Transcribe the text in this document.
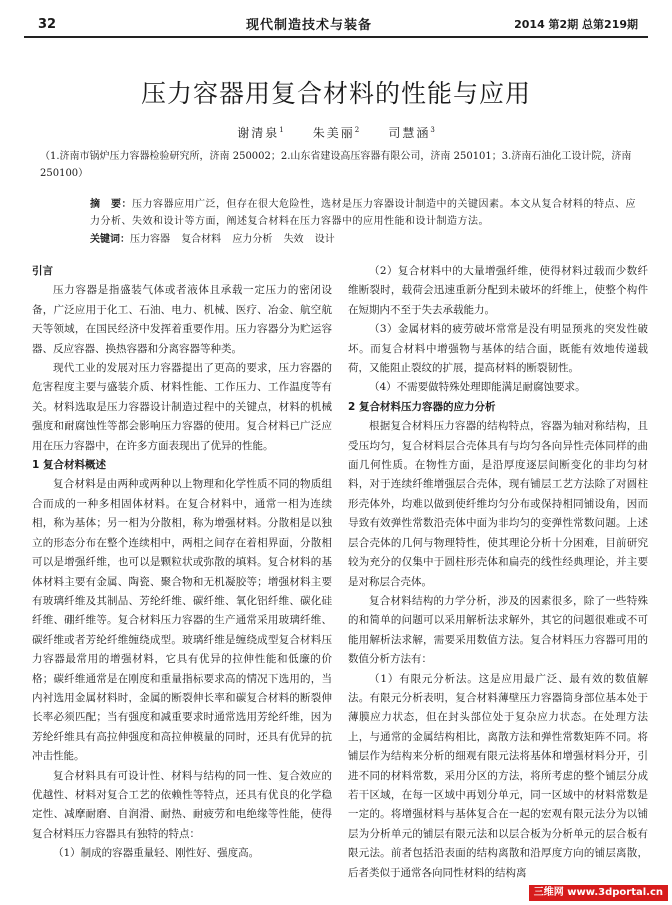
32	现代制造技术与装备	2014 第2期 总第219期
压力容器用复合材料的性能与应用
谢清泉$^1$ 朱美丽$^2$ 司慧涵$^3$
（1.济南市锅炉压力容器检验研究所，济南 250002；2.山东省建设高压容器有限公司，济南 250101；3.济南石油化工设计院，济南 250100）
摘　要：压力容器应用广泛，但存在很大危险性，选材是压力容器设计制造中的关键因素。本文从复合材料的特点、应力分析、失效和设计等方面，阐述复合材料在压力容器中的应用性能和设计制造方法。
关键词：压力容器 复合材料 应力分析 失效 设计
引言

压力容器是指盛装气体或者液体且承载一定压力的密闭设备，广泛应用于化工、石油、电力、机械、医疗、冶金、航空航天等领域，在国民经济中发挥着重要作用。压力容器分为贮运容器、反应容器、换热容器和分离容器等种类。

现代工业的发展对压力容器提出了更高的要求，压力容器的危害程度主要与盛装介质、材料性能、工作压力、工作温度等有关。材料选取是压力容器设计制造过程中的关键点，材料的机械强度和耐腐蚀性等都会影响压力容器的使用。复合材料已广泛应用在压力容器中，在许多方面表现出了优异的性能。

1 复合材料概述

复合材料是由两种或两种以上物理和化学性质不同的物质组合而成的一种多相固体材料。在复合材料中，通常一相为连续相，称为基体；另一相为分散相，称为增强材料。分散相是以独立的形态分布在整个连续相中，两相之间存在着相界面，分散相可以是增强纤维，也可以是颗粒状或弥散的填料。复合材料的基体材料主要有金属、陶瓷、聚合物和无机凝胶等；增强材料主要有玻璃纤维及其制品、芳纶纤维、碳纤维、氧化铝纤维、碳化硅纤维、硼纤维等。复合材料压力容器的生产通常采用玻璃纤维、碳纤维或者芳纶纤维缠绕成型。玻璃纤维是缠绕成型复合材料压力容器最常用的增强材料，它具有优异的拉伸性能和低廉的价格；碳纤维通常是在刚度和重量指标要求高的情况下选用的，当内衬选用金属材料时，金属的断裂伸长率和碳复合材料的断裂伸长率必须匹配；当有强度和减重要求时通常选用芳纶纤维，因为芳纶纤维具有高拉伸强度和高拉伸模量的同时，还具有优异的抗冲击性能。

复合材料具有可设计性、材料与结构的同一性、复合效应的优越性、材料对复合工艺的依赖性等特点，还具有优良的化学稳定性、减摩耐磨、自润滑、耐热、耐疲劳和电绝缘等性能，使得复合材料压力容器具有独特的特点：

（1）制成的容器重量轻、刚性好、强度高。

（2）复合材料中的大量增强纤维，使得材料过载而少数纤维断裂时，载荷会迅速重新分配到未破坏的纤维上，使整个构件在短期内不至于失去承载能力。

（3）金属材料的疲劳破坏常常是没有明显预兆的突发性破坏。而复合材料中增强物与基体的结合面，既能有效地传递载荷，又能阻止裂纹的扩展，提高材料的断裂韧性。

（4）不需要做特殊处理即能满足耐腐蚀要求。

2 复合材料压力容器的应力分析

根据复合材料压力容器的结构特点，容器为轴对称结构，且受压均匀，复合材料层合壳体具有与均匀各向异性壳体同样的曲面几何性质。在物性方面，是沿厚度逐层间断变化的非均匀材料，对于连续纤维增强层合壳体，现有铺层工艺方法除了对圆柱形壳体外，均难以做到使纤维均匀分布或保持相同铺设角，因而导致有效弹性常数沿壳体中面为非均匀的变弹性常数问题。上述层合壳体的几何与物理特性，使其理论分析十分困难，目前研究较为充分的仅集中于圆柱形壳体和扁壳的线性经典理论，并主要是对称层合壳体。

复合材料结构的力学分析，涉及的因素很多，除了一些特殊的和简单的问题可以采用解析法求解外，其它的问题很难或不可能用解析法求解，需要采用数值方法。复合材料压力容器可用的数值分析方法有：

（1）有限元分析法。这是应用最广泛、最有效的数值解法。有限元分析表明，复合材料薄壁压力容器筒身部位基本处于薄膜应力状态，但在封头部位处于复杂应力状态。在处理方法上，与通常的金属结构相比，离散方法和弹性常数矩阵不同。将铺层作为结构来分析的细观有限元法将基体和增强材料分开，引进不同的材料常数，采用分区的方法，将所考虑的整个铺层分成若干区域，在每一区域中再划分单元，同一区域中的材料常数是一定的。将增强材料与基体复合在一起的宏观有限元法分为以铺层为分析单元的铺层有限元法和以层合板为分析单元的层合板有限元法。前者包括沿表面的结构离散和沿厚度方向的铺层离散，后者类似于通常各向同性材料的结构离

三维网 www.3dportal.cn
